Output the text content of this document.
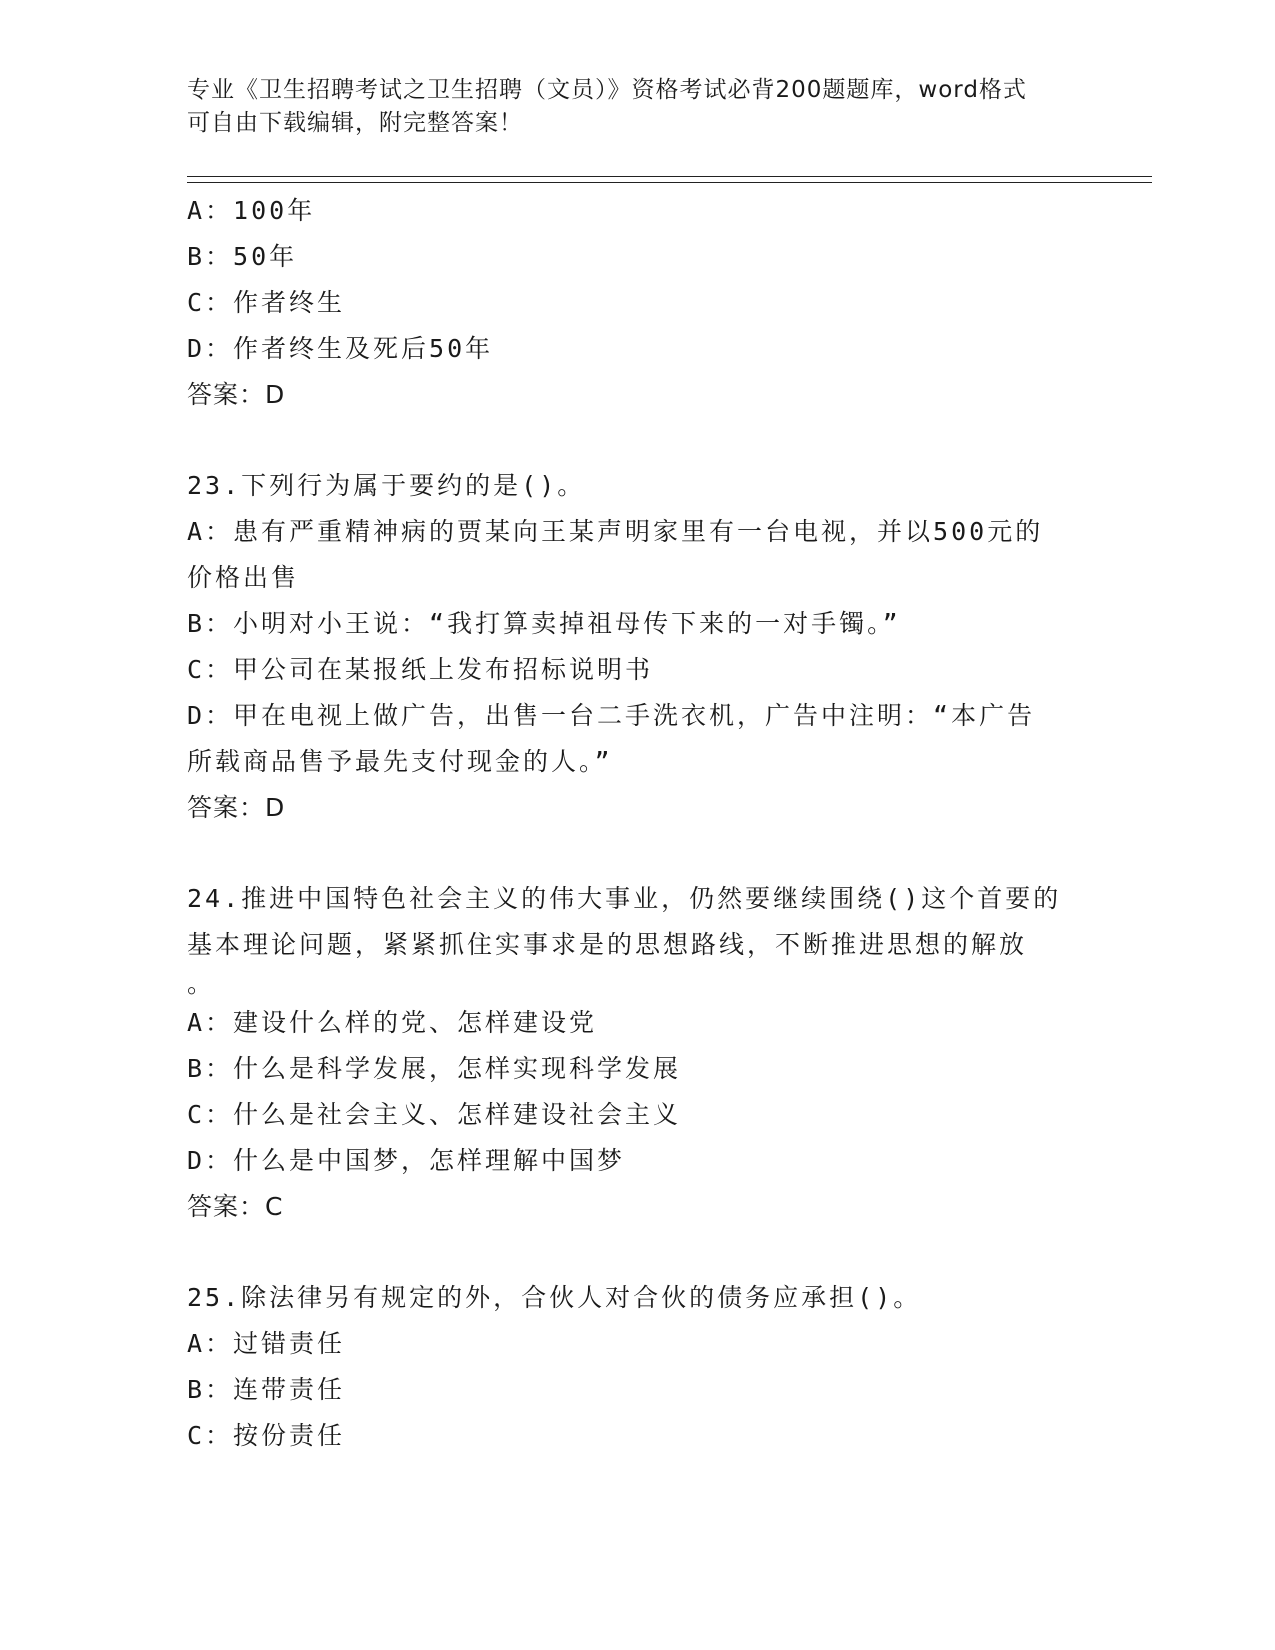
专业《卫生招聘考试之卫生招聘（文员）》资格考试必背200题题库，word格式
可自由下载编辑，附完整答案！
A：100年
B：50年
C：作者终生
D：作者终生及死后50年
答案：D
23.下列行为属于要约的是()。
A：患有严重精神病的贾某向王某声明家里有一台电视，并以500元的
价格出售
B：小明对小王说：“我打算卖掉祖母传下来的一对手镯。”
C：甲公司在某报纸上发布招标说明书
D：甲在电视上做广告，出售一台二手洗衣机，广告中注明：“本广告
所载商品售予最先支付现金的人。”
答案：D
24.推进中国特色社会主义的伟大事业，仍然要继续围绕()这个首要的
基本理论问题，紧紧抓住实事求是的思想路线，不断推进思想的解放
。
A：建设什么样的党、怎样建设党
B：什么是科学发展，怎样实现科学发展
C：什么是社会主义、怎样建设社会主义
D：什么是中国梦，怎样理解中国梦
答案：C
25.除法律另有规定的外，合伙人对合伙的债务应承担()。
A：过错责任
B：连带责任
C：按份责任
